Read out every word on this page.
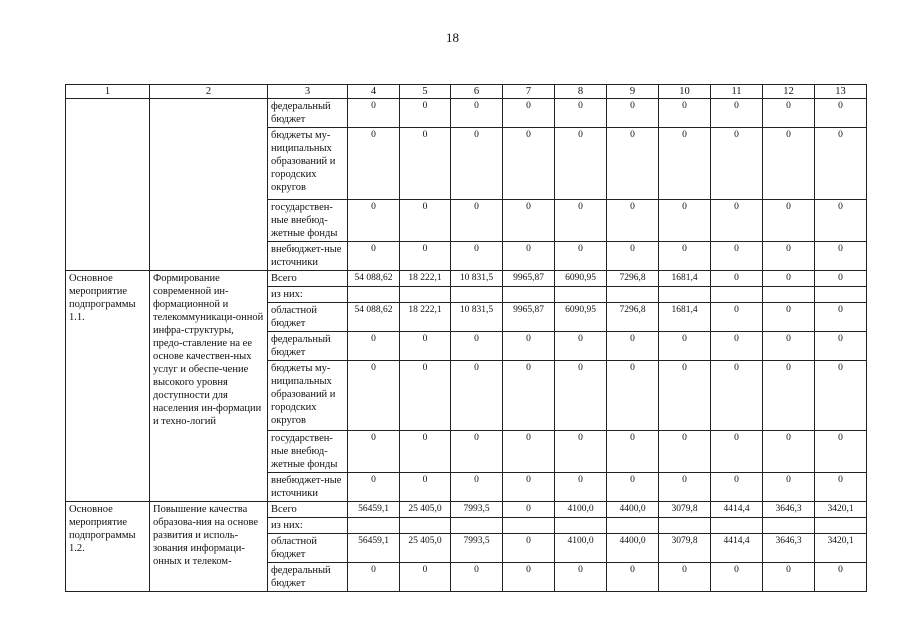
18
1	2	3	4	5	6	7	8	9	10	11	12	13
		федеральный бюджет	0	0	0	0	0	0	0	0	0	0
		бюджеты му-ниципальных образований и городских округов	0	0	0	0	0	0	0	0	0	0
		государствен-ные внебюд-жетные фонды	0	0	0	0	0	0	0	0	0	0
		внебюджет-ные источники	0	0	0	0	0	0	0	0	0	0
Основное мероприятие подпрограммы 1.1.	Формирование современной ин-формационной и телекоммуникаци-онной инфра-структуры, предо-ставление на ее основе качествен-ных услуг и обеспе-чение высокого уровня доступности для населения ин-формации и техно-логий	Всего	54 088,62	18 222,1	10 831,5	9965,87	6090,95	7296,8	1681,4	0	0	0
		из них:										
		областной бюджет	54 088,62	18 222,1	10 831,5	9965,87	6090,95	7296,8	1681,4	0	0	0
		федеральный бюджет	0	0	0	0	0	0	0	0	0	0
		бюджеты му-ниципальных образований и городских округов	0	0	0	0	0	0	0	0	0	0
		государствен-ные внебюд-жетные фонды	0	0	0	0	0	0	0	0	0	0
		внебюджет-ные источники	0	0	0	0	0	0	0	0	0	0
Основное мероприятие подпрограммы 1.2.	Повышение качества образова-ния на основе развития и исполь-зования информаци-онных и телеком-	Всего	56459,1	25 405,0	7993,5	0	4100,0	4400,0	3079,8	4414,4	3646,3	3420,1
		из них:										
		областной бюджет	56459,1	25 405,0	7993,5	0	4100,0	4400,0	3079,8	4414,4	3646,3	3420,1
		федеральный бюджет	0	0	0	0	0	0	0	0	0	0
